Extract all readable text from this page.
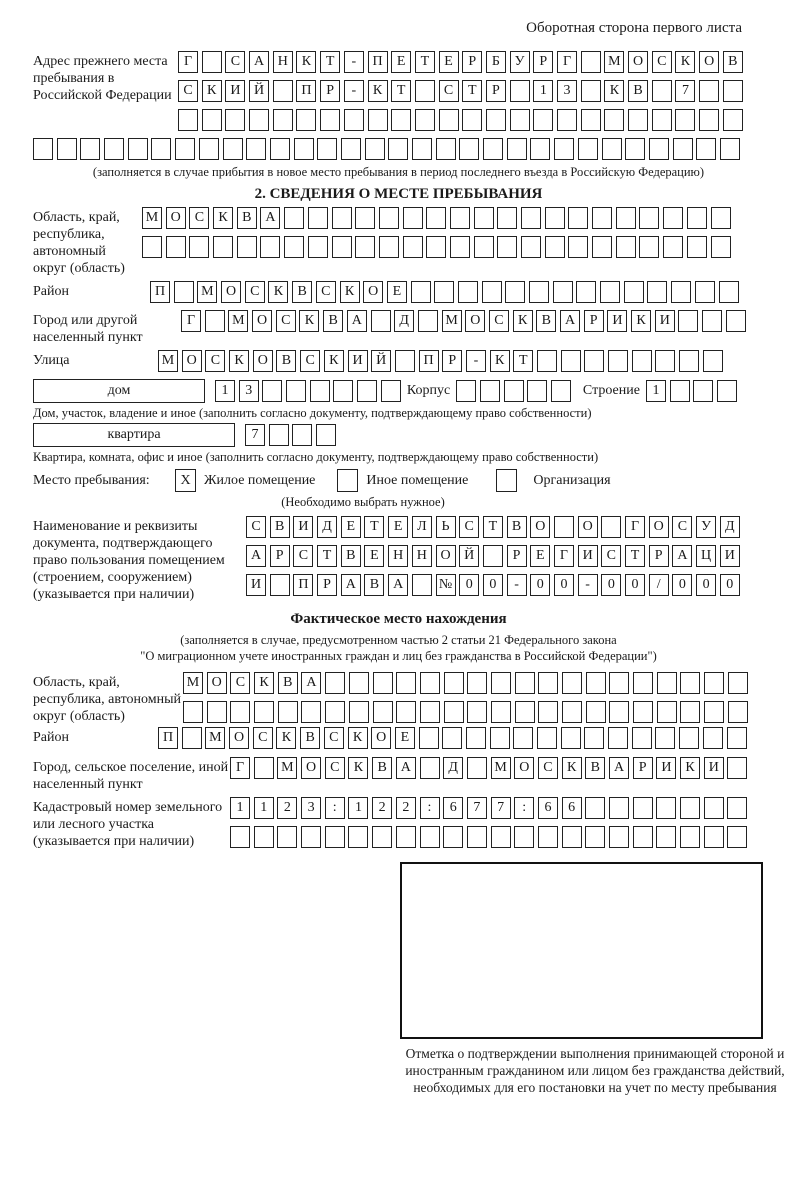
Оборотная сторона первого листа
Адрес прежнего места пребывания в Российской Федерации
Г	С А Н К	Т	-	П	Е	Т	Е	Р	Б	У	Р	Г	М О С	К О В
С	К И Й	П	Р	-	К	Т	С	Т	Р	1	3	К	В	7
(заполняется в случае прибытия в новое место пребывания в период последнего въезда в Российскую Федерацию)
2. СВЕДЕНИЯ О МЕСТЕ ПРЕБЫВАНИЯ
Область, край, республика, автономный округ (область)
М О С	К	В А
Район	П	М О С	К	В	С	К О	Е
Город или другой населенный пункт
Г	М О С	К	В А	Д	М О С	К	В А	Р	И К И
Улица	М О С	К О В	С	К И Й	П	Р	-	К	Т
дом	1	3	Корпус	Строение 1
Дом, участок, владение и иное (заполнить согласно документу, подтверждающему право собственности)
квартира	7
Квартира, комната, офис и иное (заполнить согласно документу, подтверждающему право собственности)
Место пребывания:	X Жилое помещение	Иное помещение	Организация
(Необходимо выбрать нужное)
Наименование и реквизиты документа, подтверждающего право пользования помещением (строением, сооружением) (указывается при наличии)
С	В И Д	Е	Т	Е	Л	Ь	С	Т	В О	О	Г	О С	У Д
А	Р	С	Т	В	Е	Н Н О Й	Р	Е	Г	И С	Т	Р	А Ц И
И	П	Р	А В А	№ 0	0	-	0	0	-	0	0	/	0	0	0
Фактическое место нахождения
(заполняется в случае, предусмотренном частью 2 статьи 21 Федерального закона
"О миграционном учете иностранных граждан и лиц без гражданства в Российской Федерации")
Область, край, республика, автономный округ (область)
М О С	К	В А
Район	П	М О С	К	В	С	К О	Е
Город, сельское поселение, иной населенный пункт
Г	М О С	К	В А	Д	М О С	К	В А	Р	И К И
Кадастровый номер земельного или лесного участка (указывается при наличии)
1	1	2	3	:	1	2	2	:	6	7	7	:	6	6
Отметка о подтверждении выполнения принимающей стороной и иностранным гражданином или лицом без гражданства действий, необходимых для его постановки на учет по месту пребывания
